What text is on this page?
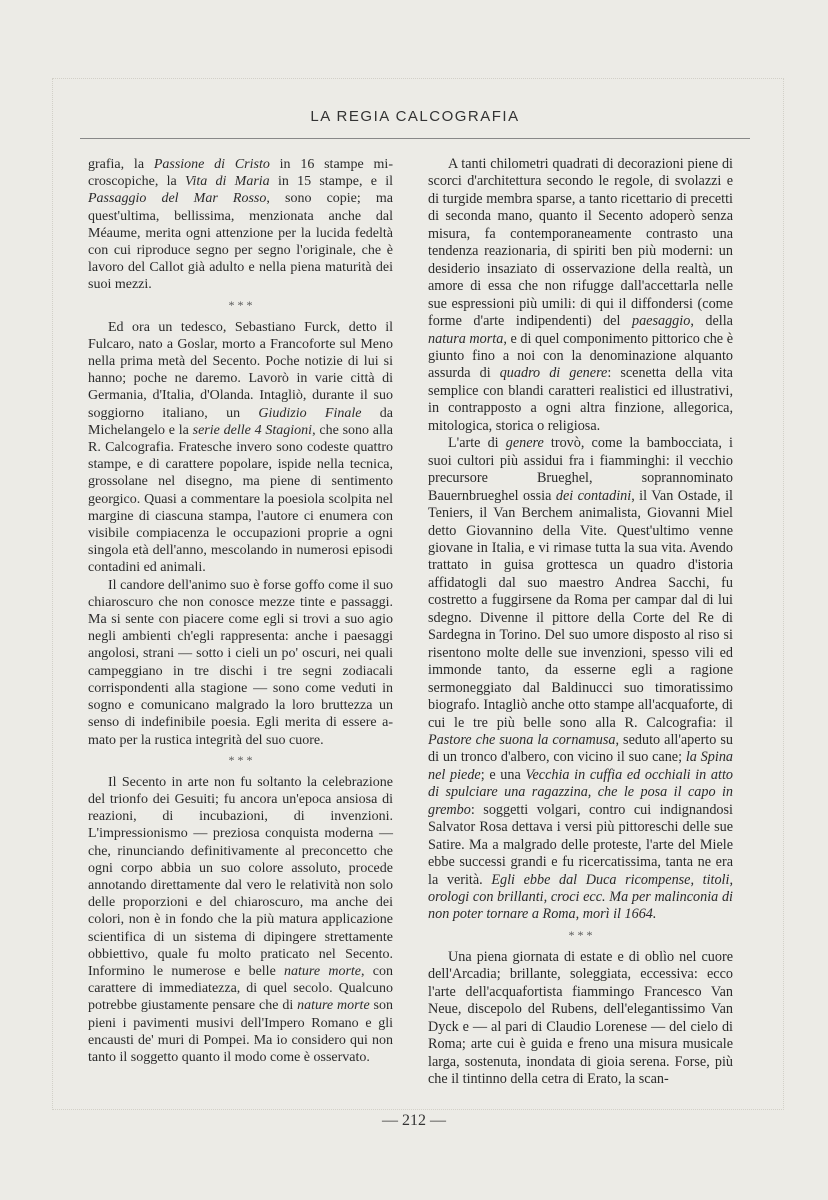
LA REGIA CALCOGRAFIA

grafia, la Passione di Cristo in 16 stampe microscopiche, la Vita di Maria in 15 stampe, e il Passaggio del Mar Rosso, sono copie; ma quest'ultima, bellissima, menzionata anche dal Méaume, merita ogni attenzione per la lucida fedeltà con cui riproduce segno per segno l'originale, che è lavoro del Callot già adulto e nella piena maturità dei suoi mezzi.

* * *

Ed ora un tedesco, Sebastiano Furck, detto il Fulcaro, nato a Goslar, morto a Francoforte sul Meno nella prima metà del Secento. Poche notizie di lui si hanno; poche ne daremo. Lavorò in varie città di Germania, d'Italia, d'Olanda. Intagliò, durante il suo soggiorno italiano, un Giudizio Finale da Michelangelo e la serie delle 4 Stagioni, che sono alla R. Calcografia. Fratesche invero sono codeste quattro stampe, e di carattere popolare, ispide nella tecnica, grossolane nel disegno, ma piene di sentimento georgico. Quasi a commentare la poesiola scolpita nel margine di ciascuna stampa, l'autore ci enumera con visibile compiacenza le occupazioni proprie a ogni singola età dell'anno, mescolando in numerosi episodi contadini ed animali.

Il candore dell'animo suo è forse goffo come il suo chiaroscuro che non conosce mezze tinte e passaggi. Ma si sente con piacere come egli si trovi a suo agio negli ambienti ch'egli rappresenta: anche i paesaggi angolosi, strani — sotto i cieli un po' oscuri, nei quali campeggiano in tre dischi i tre segni zodiacali corrispondenti alla stagione — sono come veduti in sogno e comunicano malgrado la loro bruttezza un senso di indefinibile poesia. Egli merita di essere amato per la rustica integrità del suo cuore.

* * *

Il Secento in arte non fu soltanto la celebrazione del trionfo dei Gesuiti; fu ancora un'epoca ansiosa di reazioni, di incubazioni, di invenzioni. L'impressionismo — preziosa conquista moderna — che, rinunciando definitivamente al preconcetto che ogni corpo abbia un suo colore assoluto, procede annotando direttamente dal vero le relatività non solo delle proporzioni e del chiaroscuro, ma anche dei colori, non è in fondo che la più matura applicazione scientifica di un sistema di dipingere strettamente obbiettivo, quale fu molto praticato nel Secento. Informino le numerose e belle nature morte, con carattere di immediatezza, di quel secolo. Qualcuno potrebbe giustamente pensare che di nature morte son pieni i pavimenti musivi dell'Impero Romano e gli encausti de' muri di Pompei. Ma io considero qui non tanto il soggetto quanto il modo come è osservato.

A tanti chilometri quadrati di decorazioni piene di scorci d'architettura secondo le regole, di svolazzi e di turgide membra sparse, a tanto ricettario di precetti di seconda mano, quanto il Secento adoperò senza misura, fa contemporaneamente contrasto una tendenza reazionaria, di spiriti ben più moderni: un desiderio insaziato di osservazione della realtà, un amore di essa che non rifugge dall'accettarla nelle sue espressioni più umili: di qui il diffondersi (come forme d'arte indipendenti) del paesaggio, della natura morta, e di quel componimento pittorico che è giunto fino a noi con la denominazione alquanto assurda di quadro di genere: scenetta della vita semplice con blandi caratteri realistici ed illustrativi, in contrapposto a ogni altra finzione, allegorica, mitologica, storica o religiosa.

L'arte di genere trovò, come la bambocciata, i suoi cultori più assidui fra i fiamminghi: il vecchio precursore Brueghel, soprannominato Bauernbrueghel ossia dei contadini, il Van Ostade, il Teniers, il Van Berchem animalista, Giovanni Miel detto Giovannino della Vite. Quest'ultimo venne giovane in Italia, e vi rimase tutta la sua vita. Avendo trattato in guisa grottesca un quadro d'istoria affidatogli dal suo maestro Andrea Sacchi, fu costretto a fuggirsene da Roma per campar dal di lui sdegno. Divenne il pittore della Corte del Re di Sardegna in Torino. Del suo umore disposto al riso si risentono molte delle sue invenzioni, spesso vili ed immonde tanto, da esserne egli a ragione sermoneggiato dal Baldinucci suo timoratissimo biografo. Intagliò anche otto stampe all'acquaforte, di cui le tre più belle sono alla R. Calcografia: il Pastore che suona la cornamusa, seduto all'aperto su di un tronco d'albero, con vicino il suo cane; la Spina nel piede; e una Vecchia in cuffia ed occhiali in atto di spulciare una ragazzina, che le posa il capo in grembo: soggetti volgari, contro cui indignandosi Salvator Rosa dettava i versi più pittoreschi delle sue Satire. Ma a malgrado delle proteste, l'arte del Miele ebbe successi grandi e fu ricercatissima, tanta ne era la verità. Egli ebbe dal Duca ricompense, titoli, orologi con brillanti, croci ecc. Ma per malinconia di non poter tornare a Roma, morì il 1664.

* * *

Una piena giornata di estate e di oblìo nel cuore dell'Arcadia; brillante, soleggiata, eccessiva: ecco l'arte dell'acquafortista fiammingo Francesco Van Neue, discepolo del Rubens, dell'elegantissimo Van Dyck e — al pari di Claudio Lorenese — del cielo di Roma; arte cui è guida e freno una misura musicale larga, sostenuta, inondata di gioia serena. Forse, più che il tintinno della cetra di Erato, la scan-

— 212 —
